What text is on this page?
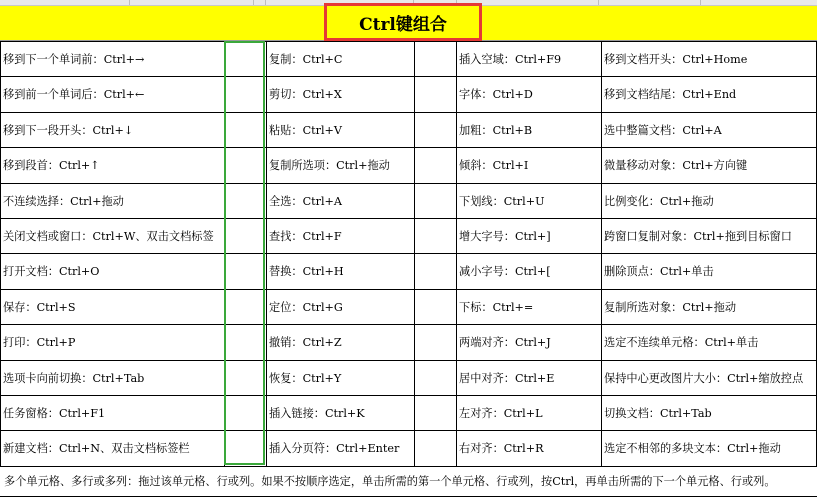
Ctrl键组合
移到下一个单词前：Ctrl+→
移到前一个单词后：Ctrl+←
移到下一段开头：Ctrl+↓
移到段首：Ctrl+↑
不连续选择：Ctrl+拖动
关闭文档或窗口：Ctrl+W、双击文档标签
打开文档：Ctrl+O
保存：Ctrl+S
打印：Ctrl+P
选项卡向前切换：Ctrl+Tab
任务窗格：Ctrl+F1
新建文档：Ctrl+N、双击文档标签栏
复制：Ctrl+C
剪切：Ctrl+X
粘贴：Ctrl+V
复制所选项：Ctrl+拖动
全选：Ctrl+A
查找：Ctrl+F
替换：Ctrl+H
定位：Ctrl+G
撤销：Ctrl+Z
恢复：Ctrl+Y
插入链接：Ctrl+K
插入分页符：Ctrl+Enter
插入空域：Ctrl+F9
字体：Ctrl+D
加粗：Ctrl+B
倾斜：Ctrl+I
下划线：Ctrl+U
增大字号：Ctrl+]
减小字号：Ctrl+[
下标：Ctrl+=
两端对齐：Ctrl+J
居中对齐：Ctrl+E
左对齐：Ctrl+L
右对齐：Ctrl+R
移到文档开头：Ctrl+Home
移到文档结尾：Ctrl+End
选中整篇文档：Ctrl+A
微量移动对象：Ctrl+方向键
比例变化：Ctrl+拖动
跨窗口复制对象：Ctrl+拖到目标窗口
删除顶点：Ctrl+单击
复制所选对象：Ctrl+拖动
选定不连续单元格：Ctrl+单击
保持中心更改图片大小：Ctrl+缩放控点
切换文档：Ctrl+Tab
选定不相邻的多块文本：Ctrl+拖动
多个单元格、多行或多列：拖过该单元格、行或列。如果不按顺序选定，单击所需的第一个单元格、行或列，按Ctrl，再单击所需的下一个单元格、行或列。
